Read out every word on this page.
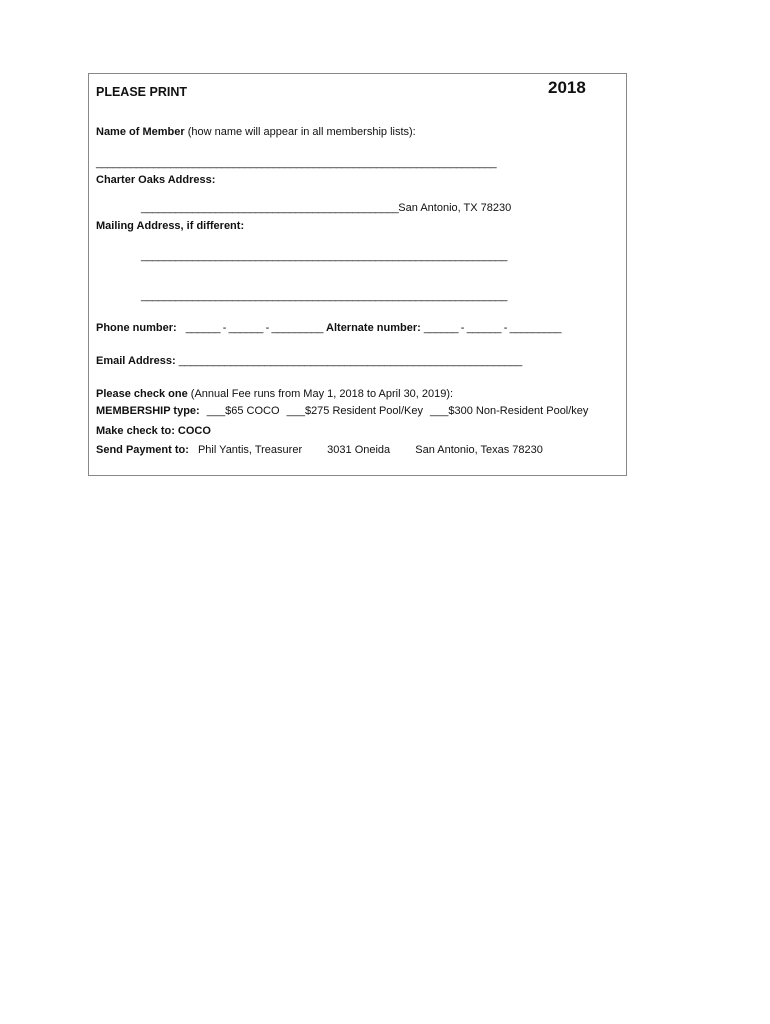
PLEASE PRINT	2018
Name of Member (how name will appear in all membership lists):
______________________________________________________________________
Charter Oaks Address:
_____________________________________________San Antonio, TX 78230
Mailing Address, if different:
________________________________________________________________
________________________________________________________________
Phone number: ______ - ______ - _________ Alternate number: ______ - ______ - _________
Email Address: ____________________________________________________________
Please check one (Annual Fee runs from May 1, 2018 to April 30, 2019):
MEMBERSHIP type: ___$65 COCO ___$275 Resident Pool/Key ___$300 Non-Resident Pool/key
Make check to: COCO
Send Payment to: Phil Yantis, Treasurer 3031 Oneida San Antonio, Texas 78230
